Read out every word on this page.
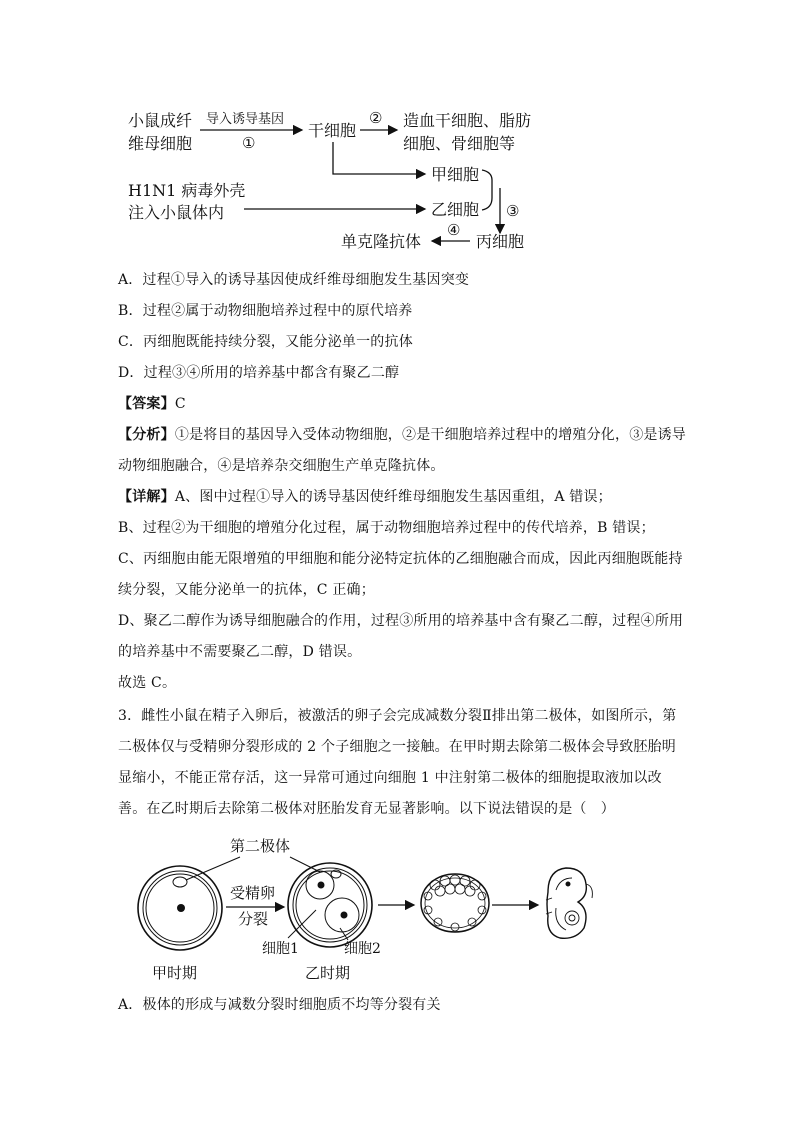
小鼠成纤
维母细胞
导入诱导基因
①
干细胞
② 造血干细胞、脂肪
细胞、骨细胞等
甲细胞
H1N1 病毒外壳
注入小鼠体内	乙细胞 ③
丙细胞
④
单克隆抗体
A．过程①导入的诱导基因使成纤维母细胞发生基因突变
B．过程②属于动物细胞培养过程中的原代培养
C．丙细胞既能持续分裂，又能分泌单一的抗体
D．过程③④所用的培养基中都含有聚乙二醇
【答案】C
【分析】①是将目的基因导入受体动物细胞，②是干细胞培养过程中的增殖分化，③是诱导
动物细胞融合，④是培养杂交细胞生产单克隆抗体。
【详解】A、图中过程①导入的诱导基因使纤维母细胞发生基因重组，A 错误；
B、过程②为干细胞的增殖分化过程，属于动物细胞培养过程中的传代培养，B 错误；
C、丙细胞由能无限增殖的甲细胞和能分泌特定抗体的乙细胞融合而成，因此丙细胞既能持
续分裂，又能分泌单一的抗体，C 正确；
D、聚乙二醇作为诱导细胞融合的作用，过程③所用的培养基中含有聚乙二醇，过程④所用
的培养基中不需要聚乙二醇，D 错误。
故选 C。
3．雌性小鼠在精子入卵后，被激活的卵子会完成减数分裂Ⅱ排出第二极体，如图所示，第
二极体仅与受精卵分裂形成的 2 个子细胞之一接触。在甲时期去除第二极体会导致胚胎明
显缩小，不能正常存活，这一异常可通过向细胞 1 中注射第二极体的细胞提取液加以改
善。在乙时期后去除第二极体对胚胎发育无显著影响。以下说法错误的是（　）
第二极体
受精卵
分裂
细胞1	细胞2
甲时期	乙时期
A．极体的形成与减数分裂时细胞质不均等分裂有关
